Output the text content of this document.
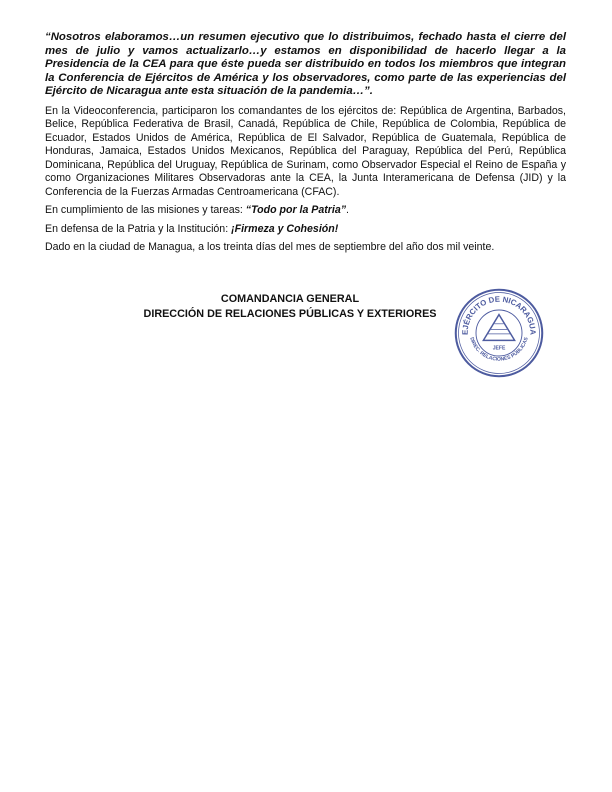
“Nosotros elaboramos…un resumen ejecutivo que lo distribuimos, fechado hasta el cierre del mes de julio y vamos actualizarlo…y estamos en disponibilidad de hacerlo llegar a la Presidencia de la CEA para que éste pueda ser distribuido en todos los miembros que integran la Conferencia de Ejércitos de América y los observadores, como parte de las experiencias del Ejército de Nicaragua ante esta situación de la pandemia…”.

En la Videoconferencia, participaron los comandantes de los ejércitos de: República de Argentina, Barbados, Belice, República Federativa de Brasil, Canadá, República de Chile, República de Colombia, República de Ecuador, Estados Unidos de América, República de El Salvador, República de Guatemala, República de Honduras, Jamaica, Estados Unidos Mexicanos, República del Paraguay, República del Perú, República Dominicana, República del Uruguay, República de Surinam, como Observador Especial el Reino de España y como Organizaciones Militares Observadoras ante la CEA, la Junta Interamericana de Defensa (JID) y la Conferencia de la Fuerzas Armadas Centroamericana (CFAC).

En cumplimiento de las misiones y tareas: “Todo por la Patria”.

En defensa de la Patria y la Institución: ¡Firmeza y Cohesión!

Dado en la ciudad de Managua, a los treinta días del mes de septiembre del año dos mil veinte.

COMANDANCIA GENERAL
DIRECCIÓN DE RELACIONES PÚBLICAS Y EXTERIORES
EJÉRCITO DE NICARAGUA
JEFE
DIREC. RELACIONES PÚBLICAS
